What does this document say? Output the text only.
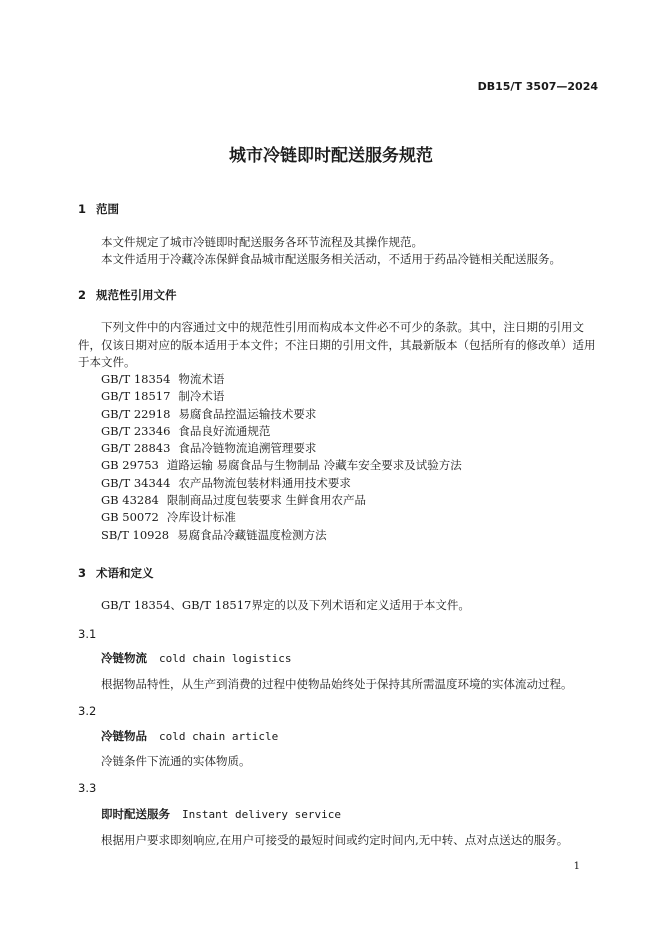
DB15/T 3507—2024
城市冷链即时配送服务规范
1 范围
本文件规定了城市冷链即时配送服务各环节流程及其操作规范。
本文件适用于冷藏冷冻保鲜食品城市配送服务相关活动，不适用于药品冷链相关配送服务。
2 规范性引用文件
下列文件中的内容通过文中的规范性引用而构成本文件必不可少的条款。其中，注日期的引用文件，仅该日期对应的版本适用于本文件；不注日期的引用文件，其最新版本（包括所有的修改单）适用于本文件。
GB/T 18354 物流术语
GB/T 18517 制冷术语
GB/T 22918 易腐食品控温运输技术要求
GB/T 23346 食品良好流通规范
GB/T 28843 食品冷链物流追溯管理要求
GB 29753 道路运输 易腐食品与生物制品 冷藏车安全要求及试验方法
GB/T 34344 农产品物流包装材料通用技术要求
GB 43284 限制商品过度包装要求 生鲜食用农产品
GB 50072 冷库设计标准
SB/T 10928 易腐食品冷藏链温度检测方法
3 术语和定义
GB/T 18354、GB/T 18517界定的以及下列术语和定义适用于本文件。
3.1
冷链物流 cold chain logistics
根据物品特性，从生产到消费的过程中使物品始终处于保持其所需温度环境的实体流动过程。
3.2
冷链物品 cold chain article
冷链条件下流通的实体物质。
3.3
即时配送服务 Instant delivery service
根据用户要求即刻响应,在用户可接受的最短时间或约定时间内,无中转、点对点送达的服务。
1
